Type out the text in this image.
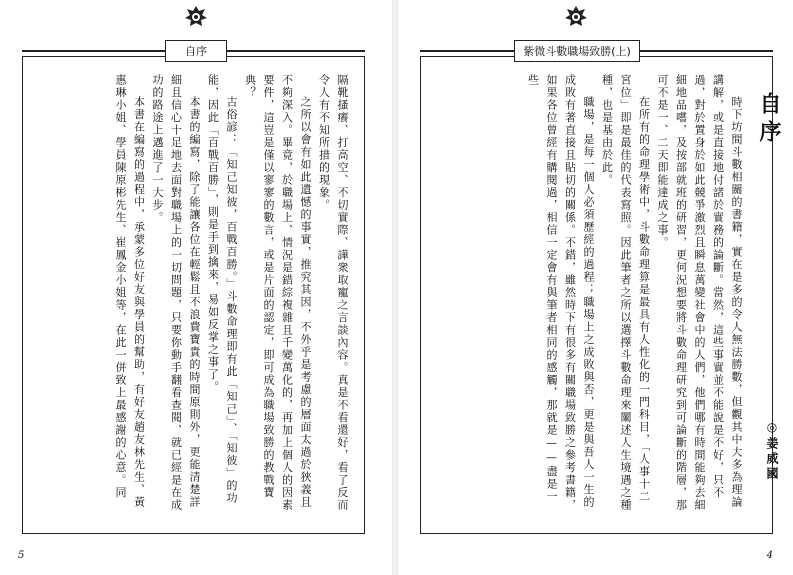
自序

隔靴搔癢、打高空、不切實際、譁衆取寵之言談內容。真是不看還好，看了反而令人有不知所措的現象。

之所以會有如此遺憾的事實，推究其因，不外乎是考慮的層面太過於狹義且不夠深入。畢竟，於職場上，情況是錯綜複雜且千變萬化的，再加上個人的因素要件，這豈是僅以寥寥的數言，或是片面的認定，即可成為職場致勝的教戰寶典？

古俗諺：「知己知彼，百戰百勝。」斗數命理即有此「知己」、「知彼」的功能，因此「百戰百勝」，則是手到擒來，易如反掌之事了。

本書的編寫，除了能讓各位在輕鬆且不浪費寶貴的時間原則外，更能清楚詳細且信心十足地去面對職場上的一切問題，只要你動手翻看查閱，就已經是在成功的路途上邁進了一大步。

本書在編寫的過程中，承蒙多位好友與學員的幫助，有好友趙友林先生、黃惠琳小姐、學員陳原彬先生、崔鳳金小姐等，在此一併致上最感謝的心意。同

5
紫微斗數職場致勝(上)

時下坊間斗數相關的書籍，實在是多的令人無法勝數，但觀其中大多為理論講解，或是直接地付諸於實務的論斷。當然，這些事實並不能說是不好，只不過，對於置身於如此競爭激烈且瞬息萬變社會中的人們，他們哪有時間能夠去細細地品嚐，及按部就班的研習，更何況想要將斗數命理研究到可論斷的階層，那可不是一、二天即能達成之事。

在所有的命理學術中，斗數命理算是最具有人性化的一門科目，「人事十二宮位」即是最佳的代表寫照。因此筆者之所以選擇斗數命理來闡述人生境遇之種種，也是基由於此。

職場，是每一個人必須歷經的過程；職場上之成敗與否，更是與吾人一生的成敗有著直接且貼切的關係。不錯，雖然時下有很多有關職場致勝之參考書籍，如果各位曾經有購閱過，相信一定會有與筆者相同的感觸，那就是——盡是一些

自序
◎姜威國
4
